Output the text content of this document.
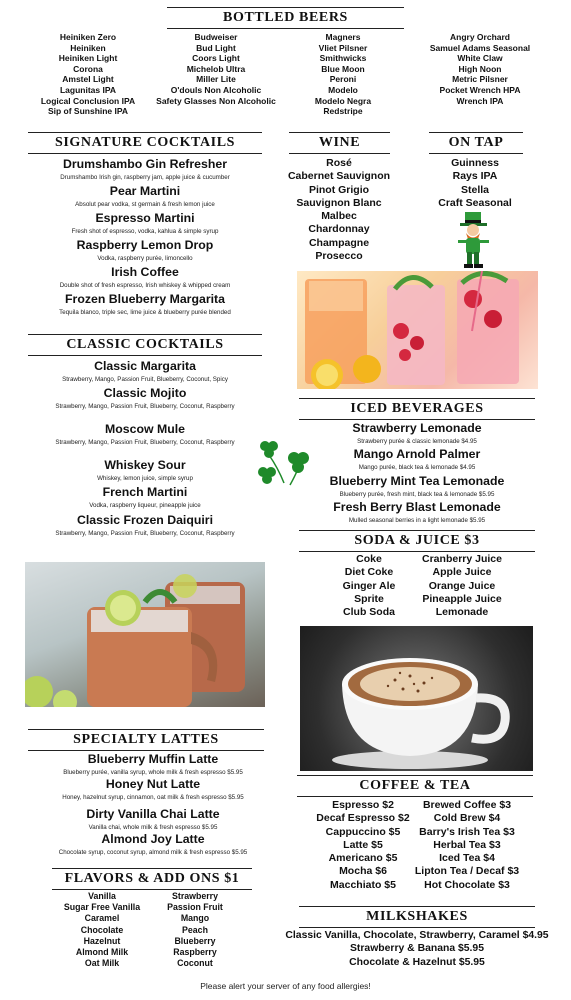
BOTTLED BEERS
Heiniken Zero
Heiniken
Heiniken Light
Corona
Amstel Light
Lagunitas IPA
Logical Conclusion IPA
Sip of Sunshine IPA
Budweiser
Bud Light
Coors Light
Michelob Ultra
Miller Lite
O'douls Non Alcoholic
Safety Glasses Non Alcoholic
Magners
Vliet Pilsner
Smithwicks
Blue Moon
Peroni
Modelo
Modelo Negra
Redstripe
Angry Orchard
Samuel Adams Seasonal
White Claw
High Noon
Metric Pilsner
Pocket Wrench HPA
Wrench IPA
SIGNATURE COCKTAILS
Drumshambo Gin Refresher
Drumshambo Irish gin, raspberry jam, apple juice & cucumber
Pear Martini
Absolut pear vodka, st germain & fresh lemon juice
Espresso Martini
Fresh shot of espresso, vodka, kahlua & simple syrup
Raspberry Lemon Drop
Vodka, raspberry purée, limoncello
Irish Coffee
Double shot of fresh espresso, Irish whiskey & whipped cream
Frozen Blueberry Margarita
Tequila blanco, triple sec, lime juice & blueberry purée blended
WINE
Rosé
Cabernet Sauvignon
Pinot Grigio
Sauvignon Blanc
Malbec
Chardonnay
Champagne
Prosecco
ON TAP
Guinness
Rays IPA
Stella
Craft Seasonal
CLASSIC COCKTAILS
Classic Margarita
Strawberry, Mango, Passion Fruit, Blueberry, Coconut, Spicy
Classic Mojito
Strawberry, Mango, Passion Fruit, Blueberry, Coconut, Raspberry
Moscow Mule
Strawberry, Mango, Passion Fruit, Blueberry, Coconut, Raspberry
Whiskey Sour
Whiskey, lemon juice, simple syrup
French Martini
Vodka, raspberry liqueur, pineapple juice
Classic Frozen Daiquiri
Strawberry, Mango, Passion Fruit, Blueberry, Coconut, Raspberry
ICED BEVERAGES
Strawberry Lemonade
Strawberry purée & classic lemonade $4.95
Mango Arnold Palmer
Mango purée, black tea & lemonade $4.95
Blueberry Mint Tea Lemonade
Blueberry purée, fresh mint, black tea & lemonade $5.95
Fresh Berry Blast Lemonade
Mulled seasonal berries in a light lemonade $5.95
SODA & JUICE $3
Coke
Diet Coke
Ginger Ale
Sprite
Club Soda
Cranberry Juice
Apple Juice
Orange Juice
Pineapple Juice
Lemonade
SPECIALTY LATTES
Blueberry Muffin Latte
Blueberry purée, vanilla syrup, whole milk & fresh espresso $5.95
Honey Nut Latte
Honey, hazelnut syrup, cinnamon, oat milk & fresh espresso $5.95
Dirty Vanilla Chai Latte
Vanilla chai, whole milk & fresh espresso $5.95
Almond Joy Latte
Chocolate syrup, coconut syrup, almond milk & fresh espresso $5.95
COFFEE & TEA
Espresso $2
Decaf Espresso $2
Cappuccino $5
Latte $5
Americano $5
Mocha $6
Macchiato $5
Brewed Coffee $3
Cold Brew $4
Barry's Irish Tea $3
Herbal Tea $3
Iced Tea $4
Lipton Tea / Decaf $3
Hot Chocolate $3
FLAVORS & ADD ONS $1
Vanilla
Sugar Free Vanilla
Caramel
Chocolate
Hazelnut
Almond Milk
Oat Milk
Strawberry
Passion Fruit
Mango
Peach
Blueberry
Raspberry
Coconut
MILKSHAKES
Classic Vanilla, Chocolate, Strawberry, Caramel $4.95
Strawberry & Banana $5.95
Chocolate & Hazelnut $5.95
Please alert your server of any food allergies!
